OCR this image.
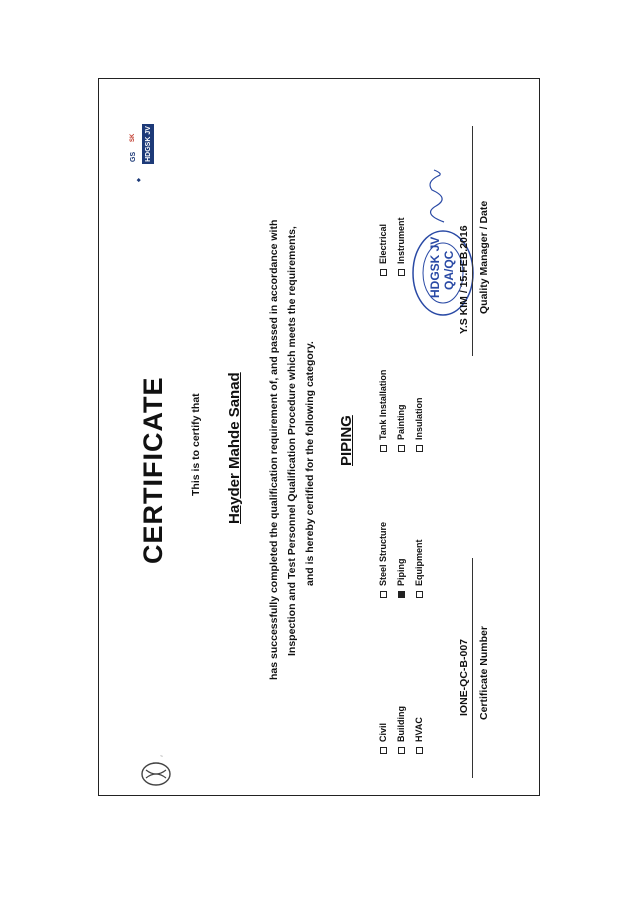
~
◆
GS
SK	HDGSK JV
CERTIFICATE This is to certify that Hayder Mahde Sanad has successfully completed the qualification requirement of, and passed in accordance with Inspection and Test Personnel Qualification Procedure which meets the requirements, and is hereby certified for the following category. PIPING
Civil Building HVAC
Steel Structure Piping Equipment
Tank Installation Painting Insulation
Electrical Instrument HDGSK JV QA/QC
IONE-QC-B-007 Certificate Number
Y.S KIM / 15.FEB.2016 Quality Manager / Date
